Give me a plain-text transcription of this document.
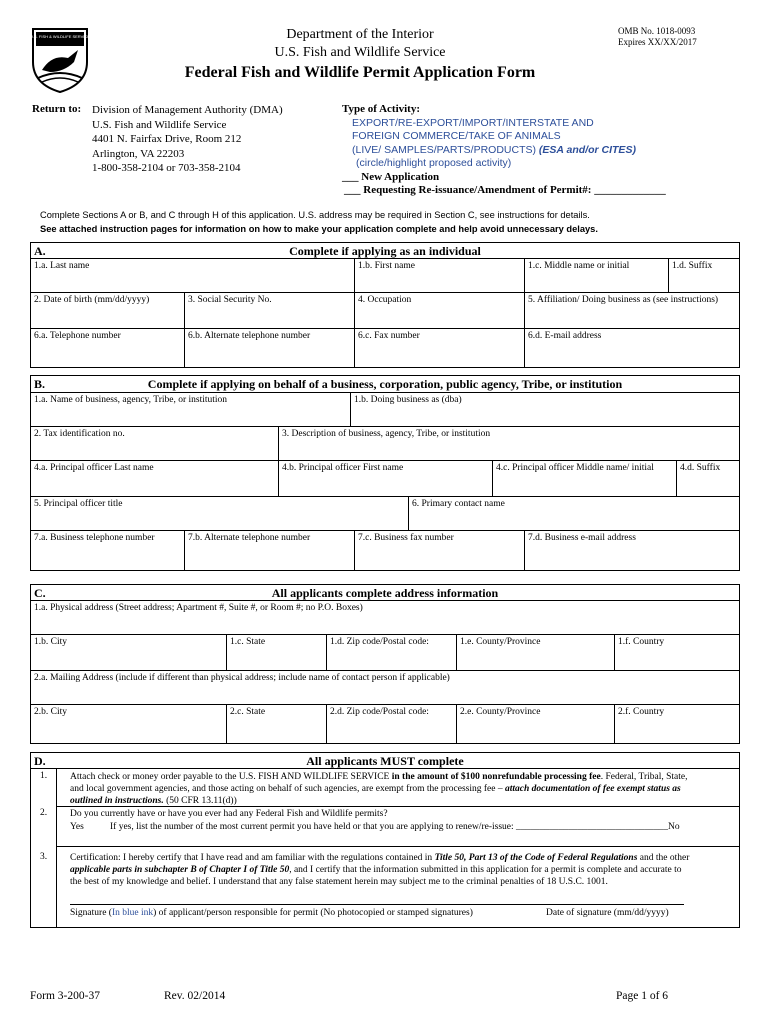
U.S. FISH & WILDLIFE SERVICE	Department of the Interior
U.S. Fish and Wildlife Service
OMB No. 1018-0093
Expires XX/XX/2017
Federal Fish and Wildlife Permit Application Form
Return to: Division of Management Authority (DMA)
U.S. Fish and Wildlife Service
4401 N. Fairfax Drive, Room 212
Arlington, VA 22203
1-800-358-2104 or 703-358-2104
Type of Activity:
EXPORT/RE-EXPORT/IMPORT/INTERSTATE AND
FOREIGN COMMERCE/TAKE OF ANIMALS
(LIVE/ SAMPLES/PARTS/PRODUCTS) (ESA and/or CITES)
(circle/highlight proposed activity)
___ New Application
___ Requesting Re-issuance/Amendment of Permit#: _____________
Complete Sections A or B, and C through H of this application. U.S. address may be required in Section C, see instructions for details.
See attached instruction pages for information on how to make your application complete and help avoid unnecessary delays.
A.	Complete if applying as an individual
1.a. Last name	1.b. First name	1.c. Middle name or initial	1.d. Suffix
2. Date of birth (mm/dd/yyyy)	3. Social Security No.	4. Occupation	5. Affiliation/ Doing business as (see instructions)
6.a. Telephone number	6.b. Alternate telephone number	6.c. Fax number	6.d. E-mail address
B.	Complete if applying on behalf of a business, corporation, public agency, Tribe, or institution
1.a. Name of business, agency, Tribe, or institution	1.b. Doing business as (dba)
2. Tax identification no.	3. Description of business, agency, Tribe, or institution
4.a. Principal officer Last name	4.b. Principal officer First name	4.c. Principal officer Middle name/ initial	4.d. Suffix
5. Principal officer title	6. Primary contact name
7.a. Business telephone number	7.b. Alternate telephone number	7.c. Business fax number	7.d. Business e-mail address
C.	All applicants complete address information
1.a. Physical address (Street address; Apartment #, Suite #, or Room #; no P.O. Boxes)
1.b. City	1.c. State	1.d. Zip code/Postal code:	1.e. County/Province	1.f. Country
2.a. Mailing Address (include if different than physical address; include name of contact person if applicable)
2.b. City	2.c. State	2.d. Zip code/Postal code:	2.e. County/Province	2.f. Country
D.	All applicants MUST complete
1. Attach check or money order payable to the U.S. FISH AND WILDLIFE SERVICE in the amount of $100 nonrefundable processing fee. Federal, Tribal, State,
and local government agencies, and those acting on behalf of such agencies, are exempt from the processing fee – attach documentation of fee exempt status as
outlined in instructions. (50 CFR 13.11(d))
2. Do you currently have or have you ever had any Federal Fish and Wildlife permits?
Yes	If yes, list the number of the most current permit you have held or that you are applying to renew/re-issue: ________________________________No
3. Certification: I hereby certify that I have read and am familiar with the regulations contained in Title 50, Part 13 of the Code of Federal Regulations and the other
applicable parts in subchapter B of Chapter I of Title 50, and I certify that the information submitted in this application for a permit is complete and accurate to
the best of my knowledge and belief. I understand that any false statement herein may subject me to the criminal penalties of 18 U.S.C. 1001.
Signature (In blue ink) of applicant/person responsible for permit (No photocopied or stamped signatures)	Date of signature (mm/dd/yyyy)
Form 3-200-37	Rev. 02/2014	Page 1 of 6
